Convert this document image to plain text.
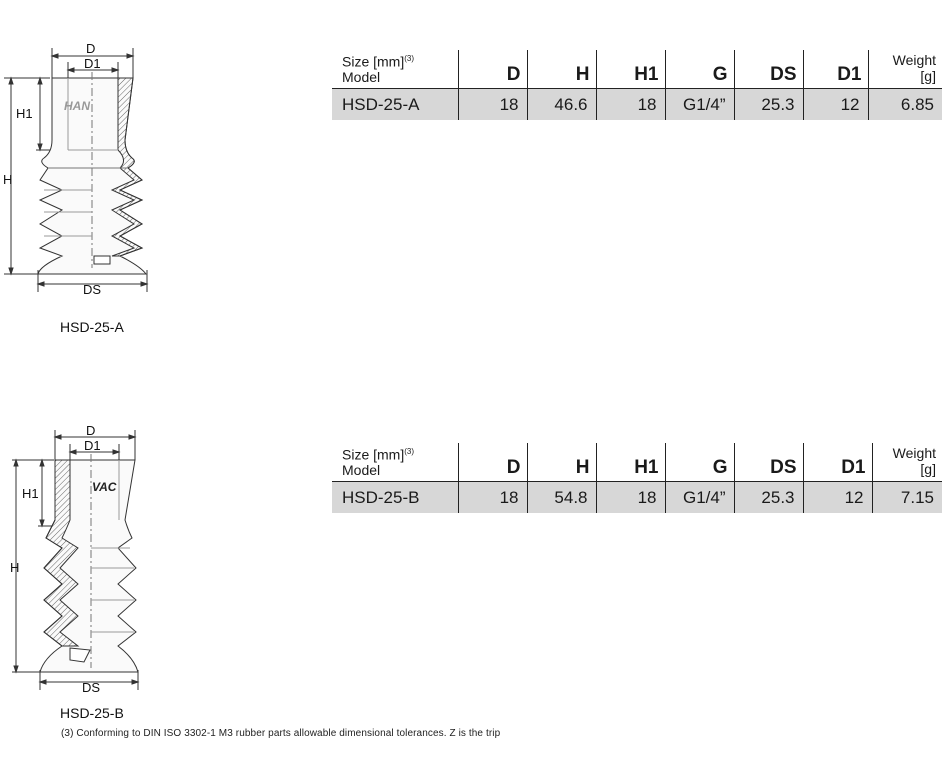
HAN
D
D1
H
H1
DS
HSD-25-A
Size [mm]$^{(3)}$
Model	D	H	H1	G	DS	D1	Weight [g]
HSD-25-A	18	46.6	18	G1/4”	25.3	12	6.85
VAC
D
D1
H
H1
DS
HSD-25-B
Size [mm]$^{(3)}$
Model	D	H	H1	G	DS	D1	Weight [g]
HSD-25-B	18	54.8	18	G1/4”	25.3	12	7.15
(3) Conforming to DIN ISO 3302-1 M3 rubber parts allowable dimensional tolerances. Z is the trip
